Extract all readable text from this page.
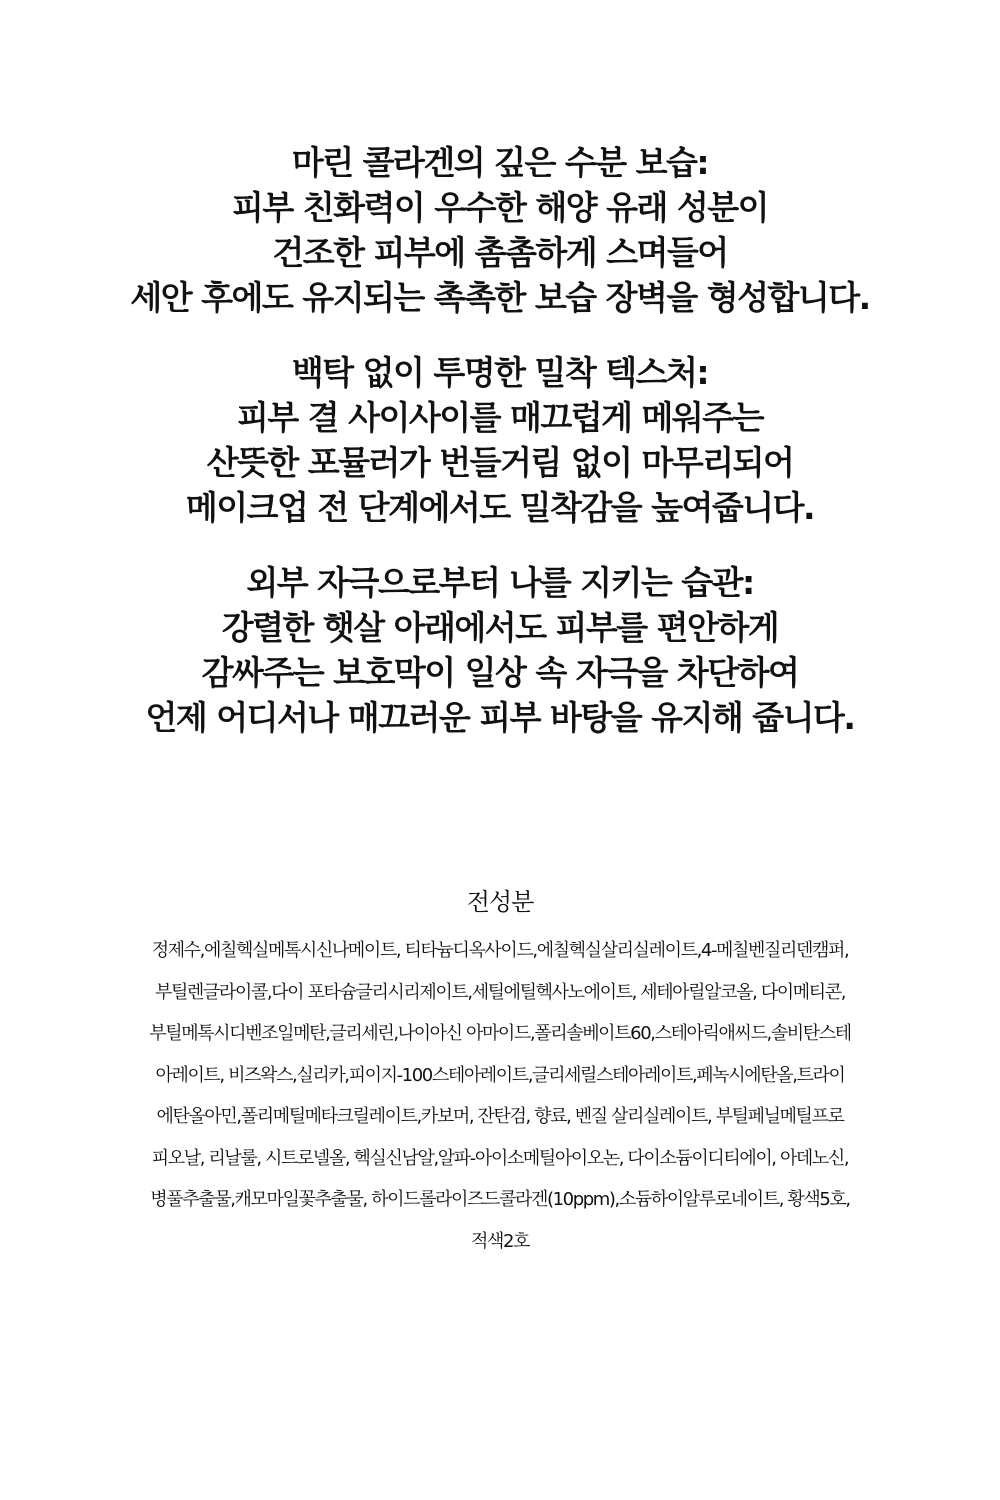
마린 콜라겐의 깊은 수분 보습:

피부 친화력이 우수한 해양 유래 성분이

건조한 피부에 촘촘하게 스며들어

세안 후에도 유지되는 촉촉한 보습 장벽을 형성합니다.

백탁 없이 투명한 밀착 텍스처:

피부 결 사이사이를 매끄럽게 메워주는

산뜻한 포뮬러가 번들거림 없이 마무리되어

메이크업 전 단계에서도 밀착감을 높여줍니다.

외부 자극으로부터 나를 지키는 습관:

강렬한 햇살 아래에서도 피부를 편안하게

감싸주는 보호막이 일상 속 자극을 차단하여

언제 어디서나 매끄러운 피부 바탕을 유지해 줍니다.

전성분

정제수,에칠헥실메톡시신나메이트, 티타늄디옥사이드,에칠헥실살리실레이트,4-메칠벤질리덴캠퍼,

부틸렌글라이콜,다이 포타슘글리시리제이트,세틸에틸헥사노에이트, 세테아릴알코올, 다이메티콘,

부틸메톡시디벤조일메탄,글리세린,나이아신 아마이드,폴리솔베이트60,스테아릭애씨드,솔비탄스테

아레이트, 비즈왁스,실리카,피이지-100스테아레이트,글리세릴스테아레이트,페녹시에탄올,트라이

에탄올아민,폴리메틸메타크릴레이트,카보머, 잔탄검, 향료, 벤질 살리실레이트, 부틸페닐메틸프로

피오날, 리날룰, 시트로넬올, 헥실신남알,알파-아이소메틸아이오논, 다이소듐이디티에이, 아데노신,

병풀추출물,캐모마일꽃추출물, 하이드롤라이즈드콜라겐(10ppm),소듐하이알루로네이트, 황색5호,

적색2호
